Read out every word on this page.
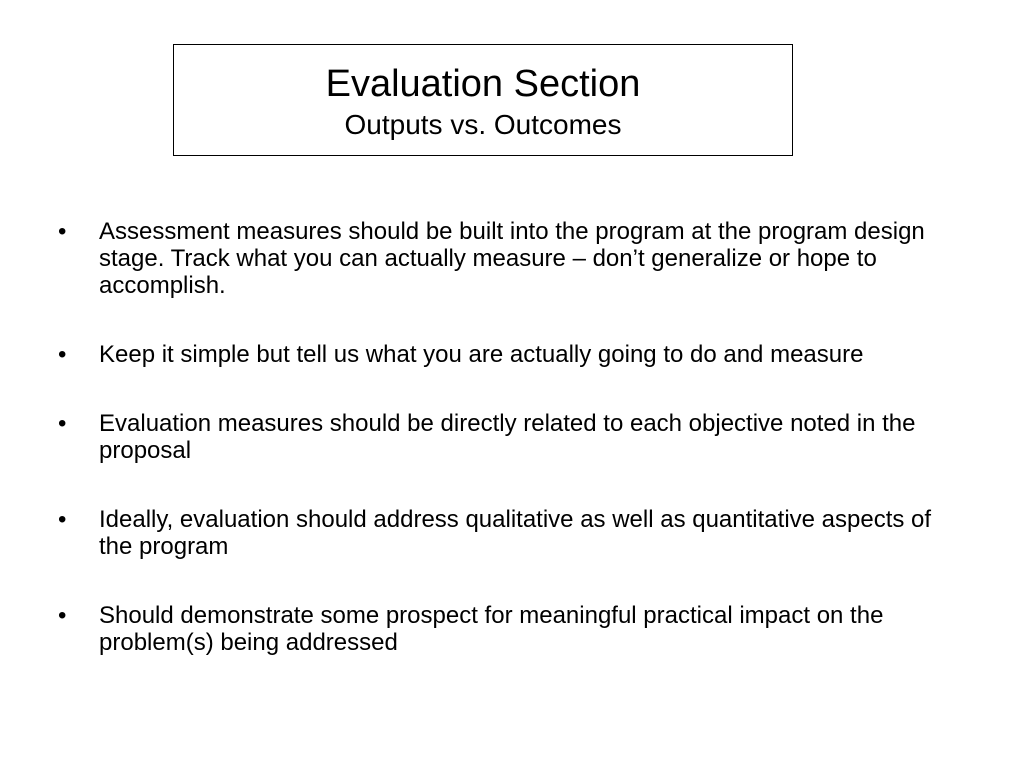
Evaluation Section
Outputs vs. Outcomes
•	Assessment measures should be built into the program at the program design stage. Track what you can actually measure – don’t generalize or hope to accomplish.
•	Keep it simple but tell us what you are actually going to do and measure
•	Evaluation measures should be directly related to each objective noted in the proposal
•	Ideally, evaluation should address qualitative as well as quantitative aspects of the program
•	Should demonstrate some prospect for meaningful practical impact on the problem(s) being addressed
